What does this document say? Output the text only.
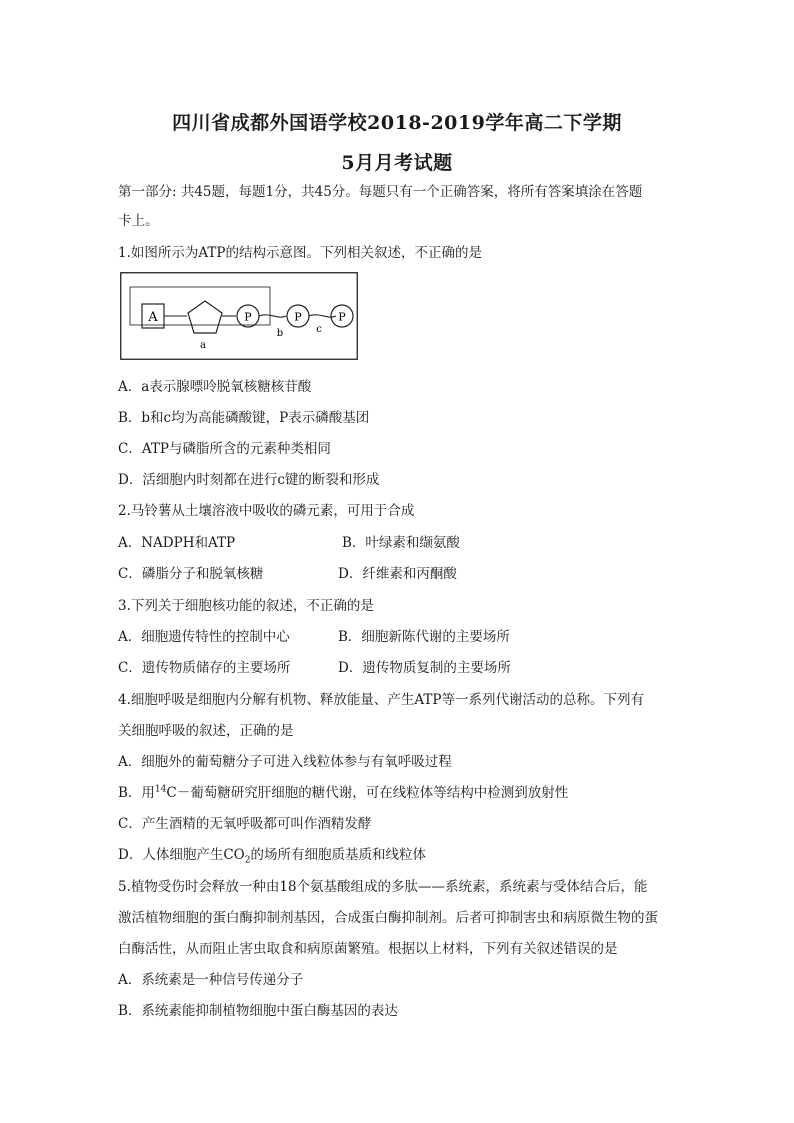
四川省成都外国语学校2018-2019学年高二下学期
5月月考试题
第一部分: 共45题，每题1分，共45分。每题只有一个正确答案，将所有答案填涂在答题
卡上。
1.如图所示为ATP的结构示意图。下列相关叙述，不正确的是
A	P	P	P
a
b	c
A．a表示腺嘌呤脱氧核糖核苷酸
B．b和c均为高能磷酸键，P表示磷酸基团
C．ATP与磷脂所含的元素种类相同
D．活细胞内时刻都在进行c键的断裂和形成
2.马铃薯从土壤溶液中吸收的磷元素，可用于合成
A．NADPH和ATP	B．叶绿素和缬氨酸
C．磷脂分子和脱氧核糖	D．纤维素和丙酮酸
3.下列关于细胞核功能的叙述，不正确的是
A．细胞遗传特性的控制中心	B．细胞新陈代谢的主要场所
C．遗传物质储存的主要场所	D．遗传物质复制的主要场所
4.细胞呼吸是细胞内分解有机物、释放能量、产生ATP等一系列代谢活动的总称。下列有
关细胞呼吸的叙述，正确的是
A．细胞外的葡萄糖分子可进入线粒体参与有氧呼吸过程
B．用$^{14}$C－葡萄糖研究肝细胞的糖代谢，可在线粒体等结构中检测到放射性
C．产生酒精的无氧呼吸都可叫作酒精发酵
D．人体细胞产生$CO_2$的场所有细胞质基质和线粒体
5.植物受伤时会释放一种由18个氨基酸组成的多肽——系统素，系统素与受体结合后，能
激活植物细胞的蛋白酶抑制剂基因，合成蛋白酶抑制剂。后者可抑制害虫和病原微生物的蛋
白酶活性，从而阻止害虫取食和病原菌繁殖。根据以上材料，下列有关叙述错误的是
A．系统素是一种信号传递分子
B．系统素能抑制植物细胞中蛋白酶基因的表达
